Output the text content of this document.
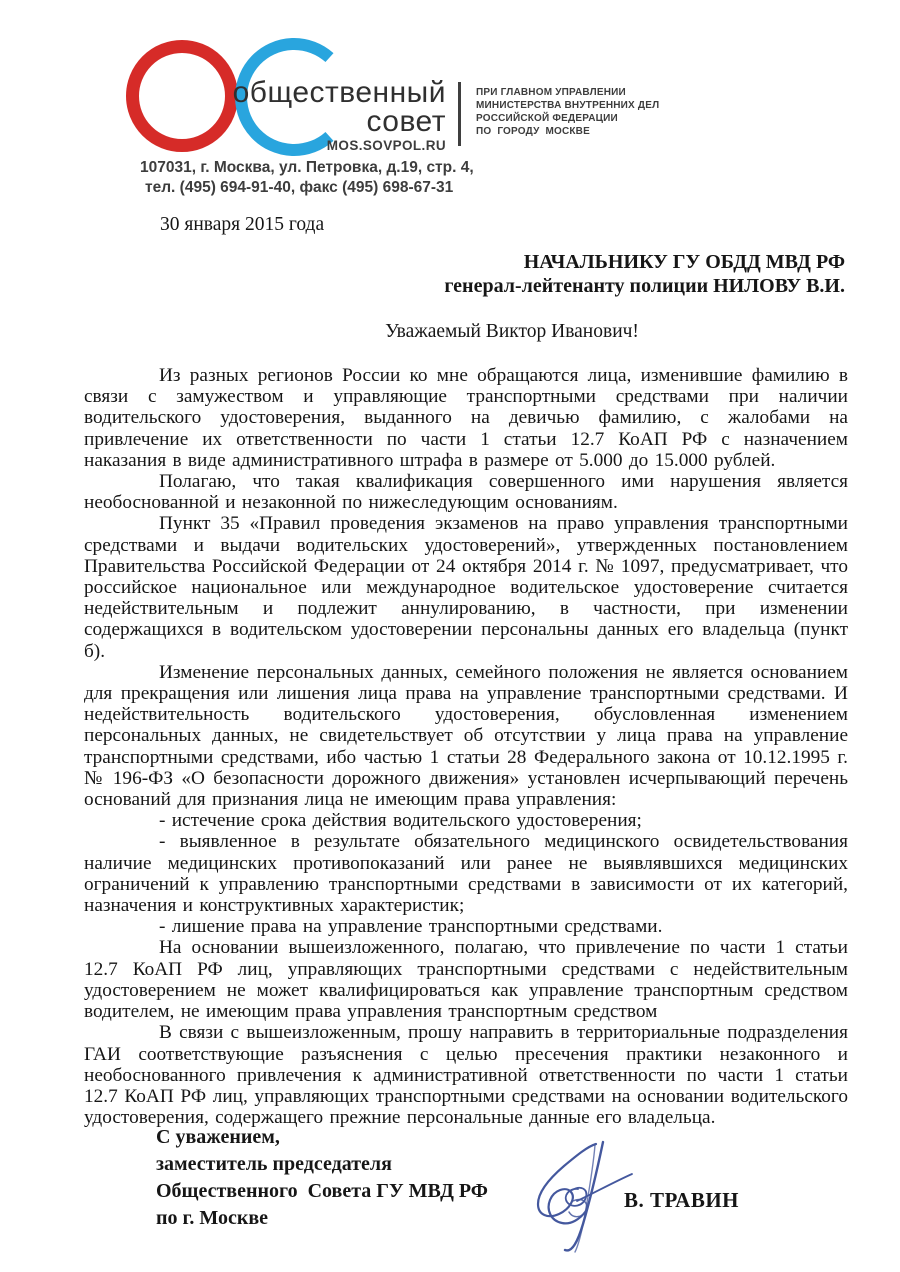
общественный
совет
MOS.SOVPOL.RU
ПРИ ГЛАВНОМ УПРАВЛЕНИИ
МИНИСТЕРСТВА ВНУТРЕННИХ ДЕЛ
РОССИЙСКОЙ ФЕДЕРАЦИИ
ПО  ГОРОДУ  МОСКВЕ
107031, г. Москва, ул. Петровка, д.19, стр. 4,
тел. (495) 694-91-40, факс (495) 698-67-31
30 января 2015 года
НАЧАЛЬНИКУ ГУ ОБДД МВД РФ
генерал-лейтенанту полиции НИЛОВУ В.И.
Уважаемый Виктор Иванович!

Из разных регионов России ко мне обращаются лица, изменившие фамилию в связи с замужеством и управляющие транспортными средствами при наличии водительского удостоверения, выданного на девичью фамилию, с жалобами на привлечение их ответственности по части 1 статьи 12.7 КоАП РФ с назначением наказания в виде административного штрафа в размере от 5.000 до 15.000 рублей.

Полагаю, что такая квалификация совершенного ими нарушения является необоснованной и незаконной по нижеследующим основаниям.

Пункт 35 «Правил проведения экзаменов на право управления транспортными средствами и выдачи водительских удостоверений», утвержденных постановлением Правительства Российской Федерации от 24 октября 2014 г. № 1097, предусматривает, что российское национальное или международное водительское удостоверение считается недействительным и подлежит аннулированию, в частности, при изменении содержащихся в водительском удостоверении персональны данных его владельца (пункт б).

Изменение персональных данных, семейного положения не является основанием для прекращения или лишения лица права на управление транспортными средствами. И недействительность водительского удостоверения, обусловленная изменением персональных данных, не свидетельствует об отсутствии у лица права на управление транспортными средствами, ибо частью 1 статьи 28 Федерального закона от 10.12.1995 г. № 196-ФЗ «О безопасности дорожного движения» установлен исчерпывающий перечень оснований для признания лица не имеющим права управления:

- истечение срока действия водительского удостоверения;

- выявленное в результате обязательного медицинского освидетельствования наличие медицинских противопоказаний или ранее не выявлявшихся медицинских ограничений к управлению транспортными средствами в зависимости от их категорий, назначения и конструктивных характеристик;

- лишение права на управление транспортными средствами.

На основании вышеизложенного, полагаю, что привлечение по части 1 статьи 12.7 КоАП РФ лиц, управляющих транспортными средствами с недействительным удостоверением не может квалифицироваться как управление транспортным средством водителем, не имеющим права управления транспортным средством

В связи с вышеизложенным, прошу направить в территориальные подразделения ГАИ соответствующие разъяснения с целью пресечения практики незаконного и необоснованного привлечения к административной ответственности по части 1 статьи 12.7 КоАП РФ лиц, управляющих транспортными средствами на основании водительского удостоверения, содержащего прежние персональные данные его владельца.

С уважением,
заместитель председателя
Общественного  Совета ГУ МВД РФ
по г. Москве
В. ТРАВИН
